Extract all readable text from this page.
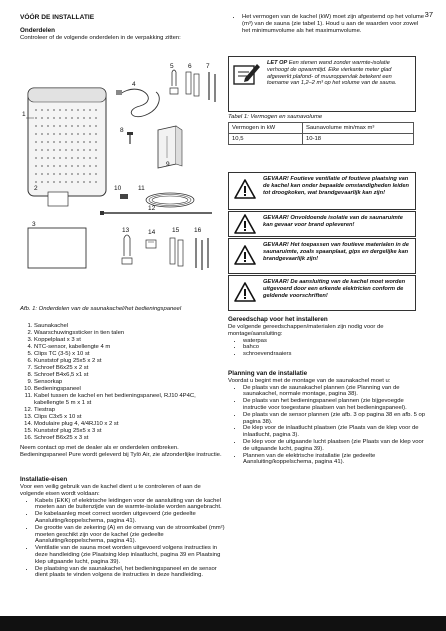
37
VÓÓR DE INSTALLATIE
Onderdelen
Controleer of de volgende onderdelen in de verpakking zitten:
1
2
3
4
5 6 7
8
9
10	11
12
13	14	15 16
Afb. 1: Onderdelen van de saunakachel/het bedieningspaneel
1. Saunakachel
2. Waarschuwingssticker in tien talen
3. Koppelplaat x 3 st
4. NTC-sensor, kabellengte 4 m
5. Clips TC (3-5) x 10 st
6. Kunststof plug 25x5 x 2 st
7. Schroef B6x25 x 2 st
8. Schroef B4x6,5 x1 st
9. Sensorkap
10. Bedieningspaneel
11. Kabel tussen de kachel en het bedieningspaneel, RJ10 4P4C, kabellengte 5 m x 1 st
12. Tiestrap
13. Clips C3x5 x 10 st
14. Modulaire plug 4, 4/4RJ10 x 2 st
15. Kunststof plug 25x5 x 3 st
16. Schroef B6x25 x 3 st

Neem contact op met de dealer als er onderdelen ontbreken. Bedieningspaneel Pure wordt geleverd bij Tylö Air, zie afzonderlijke instructie.

Installatie-eisen

Voor een veilig gebruik van de kachel dient u te controleren of aan de volgende eisen wordt voldaan:

• Kabels (EKK) of elektrische leidingen voor de aansluiting van de kachel moeten aan de buitenzijde van de warmte-isolatie worden aangebracht.
• De kabelaanleg moet correct worden uitgevoerd (zie gedeelte Aansluiting/koppelschema, pagina 41).
• De grootte van de zekering (A) en de omvang van de stroomkabel (mm²) moeten geschikt zijn voor de kachel (zie gedeelte Aansluiting/koppelschema, pagina 41).
• Ventilatie van de sauna moet worden uitgevoerd volgens instructies in deze handleiding (zie Plaatsing klep inlaatlucht, pagina 39 en Plaatsing klep uitgaande lucht, pagina 39).
• De plaatsing van de saunakachel, het bedieningspaneel en de sensor dient plaats te vinden volgens de instructies in deze handleiding.
• Het vermogen van de kachel (kW) moet zijn afgestemd op het volume (m³) van de sauna (zie tabel 1). Houd u aan de waarden voor zowel het minimumvolume als het maximumvolume.
LET OP Een stenen wand zonder warmte-isolatie verhoogt de opwarmtijd. Elke vierkante meter glad afgewerkt plafond- of muuroppervlak betekent een toename van 1,2–2 m³ op het volume van de sauna.
Tabel 1: Vermogen en saunavolume
Vermogen in kW	Saunavolume min/max m³
10,5	10-18
GEVAAR! Foutieve ventilatie of foutieve plaatsing van de kachel kan onder bepaalde omstandigheden leiden tot droogkoken, wat brandgevaarlijk kan zijn!
GEVAAR! Onvoldoende isolatie van de saunaruimte kan gevaar voor brand opleveren!
GEVAAR! Het toepassen van foutieve materialen in de saunaruimte, zoals spaanplaat, gips en dergelijke kan brandgevaarlijk zijn!
GEVAAR! De aansluiting van de kachel moet worden uitgevoerd door een erkende elektricien conform de geldende voorschriften!
Gereedschap voor het installeren

De volgende gereedschappen/materialen zijn nodig voor de montage/aansluiting:

• waterpas
• bahco
• schroevendraaiers
Planning van de installatie

Voordat u begint met de montage van de saunakachel moet u:

• De plaats van de saunakachel plannen (zie Planning van de saunakachel, normale montage, pagina 38).
• De plaats van het bedieningspaneel plannen (zie bijgevoegde instructie voor toegestane plaatsen van het bedieningspaneel).
• De plaats van de sensor plannen (zie afb. 3 op pagina 38 en afb. 5 op pagina 38).
• De klep voor de inlaatlucht plaatsen (zie Plaats van de klep voor de inlaatlucht, pagina 3).
• De klep voor de uitgaande lucht plaatsen (zie Plaats van de klep voor de uitgaande lucht, pagina 39).
• Plannen van de elektrische installatie (zie gedeelte Aansluiting/koppelschema, pagina 41).
